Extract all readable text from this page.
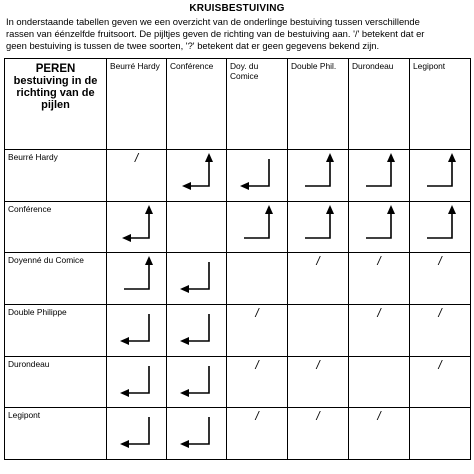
KRUISBESTUIVING
In onderstaande tabellen geven we een overzicht van de onderlinge bestuiving tussen verschillende
rassen van éénzelfde fruitsoort. De pijltjes geven de richting van de bestuiving aan. '/' betekent dat er
geen bestuiving is tussen de twee soorten, '?' betekent dat er geen gegevens bekend zijn.
PEREN
bestuiving in de richting van de pijlen	Beurré Hardy	Conférence	Doy. du Comice	Double Phil.	Durondeau	Legipont
Beurré Hardy	/

Conférence	

Doyenné du Comice				/	/	/

Double Philippe			/		/	/

Durondeau			/	/		/

Legipont			/	/	/	
